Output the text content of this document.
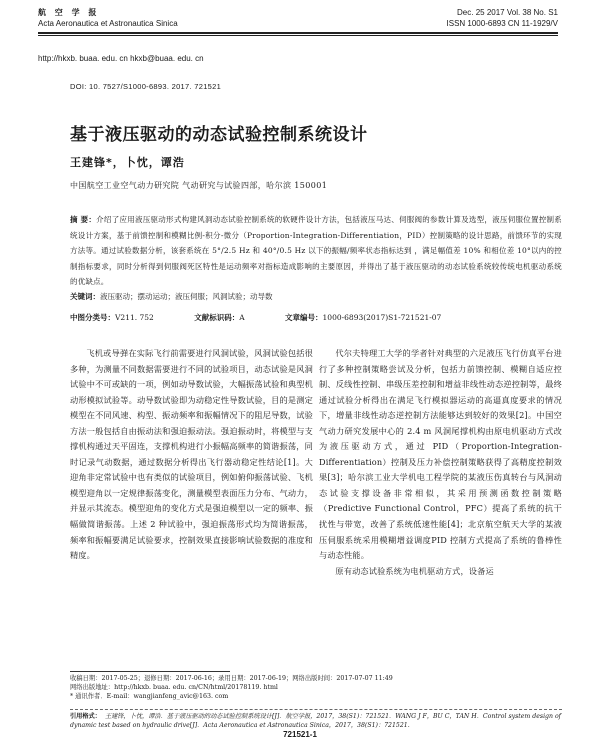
航 空 学 报
Acta Aeronautica et Astronautica Sinica
Dec. 25 2017 Vol. 38 No. S1
ISSN 1000-6893 CN 11-1929/V
http://hkxb. buaa. edu. cn hkxb@buaa. edu. cn
DOI: 10. 7527/S1000-6893. 2017. 721521
基于液压驱动的动态试验控制系统设计
王建锋*，卜忱，谭浩
中国航空工业空气动力研究院 气动研究与试验四部，哈尔滨 150001
摘 要：介绍了应用液压驱动形式构建风洞动态试验控制系统的软硬件设计方法，包括液压马达、伺服阀的参数计算及选型，液压伺服位置控制系统设计方案，基于前馈控制和模糊比例-积分-微分（Proportion-Integration-Differentiation，PID）控制策略的设计思路，前馈环节的实现方法等。通过试验数据分析，该套系统在 5°/2.5 Hz 和 40°/0.5 Hz 以下的振幅/频率状态指标达到 ，满足幅值差 10% 和相位差 10°以内的控制指标要求，同时分析得到伺服阀死区特性是运动频率对指标造成影响的主要原因，并得出了基于液压驱动的动态试验系统较传统电机驱动系统的优缺点。
关键词：液压驱动；摆动运动；液压伺服；风洞试验；动导数
中图分类号：V211. 752	文献标识码：A	文章编号：1000-6893(2017)S1-721521-07

飞机或导弹在实际飞行前需要进行风洞试验，风洞试验包括很多种，为测量不同数据需要进行不同的试验项目，动态试验是风洞试验中不可或缺的一项，例如动导数试验，大幅振荡试验和典型机动形模拟试验等。动导数试验即为动稳定性导数试验，目的是测定模型在不同风速、构型、振动频率和振幅情况下的阻尼导数，试验方法一般包括自由振动法和强迫振动法。强迫振动时，将模型与支撑机构通过天平固连，支撑机构进行小振幅高频率的简谐振荡，同时记录气动数据，通过数据分析得出飞行器动稳定性结论[1]。大迎角非定常试验中也有类似的试验项目，例如俯仰振荡试验、飞机模型迎角以一定规律振荡变化，测量模型表面压力分布、气动力，并显示其流态。模型迎角的变化方式是强迫模型以一定的频率、振幅做简谐振荡。上述 2 种试验中，强迫振荡形式均为简谐振荡，频率和振幅要满足试验要求，控制效果直接影响试验数据的准度和精度。

代尔夫特理工大学的学者针对典型的六足液压飞行仿真平台进行了多种控制策略尝试及分析，包括力前馈控制、模糊自适应控制、反线性控制、串级压差控制和增益非线性动态逆控制等，最终通过试验分析得出在满足飞行模拟器运动的高逼真度要求的情况下，增量非线性动态逆控制方法能够达到较好的效果[2]。中国空气动力研究发展中心的 2.4 m 风洞尾撑机构由原电机驱动方式改为液压驱动方式，通过 PID（Proportion-Integration-Differentiation）控制及压力补偿控制策略获得了高精度控制效果[3]；哈尔滨工业大学机电工程学院的某液压伤真转台与风洞动态试验支撑设备非常相似，其采用预测函数控制策略（Predictive Functional Control，PFC）提高了系统的抗干扰性与带宽，改善了系统低速性能[4]；北京航空航天大学的某液压伺服系统采用模糊增益调度PID 控制方式提高了系统的鲁棒性与动态性能。

原有动态试验系统为电机驱动方式，设备运

收稿日期：2017-05-25；退修日期：2017-06-16；录用日期：2017-06-19；网络出版时间：2017-07-07 11:49
网络出版地址：http://hkxb. buaa. edu. cn/CN/html/20178119. html
* 通讯作者．E-mail：wangjianfeng_avic@163. com
引用格式： 王建锋，卜忱，谭浩．基于液压驱动的动态试验控制系统设计[J]．航空学报，2017，38(S1)：721521．WANG J F，BU C，TAN H．Control system design of dynamic test based on hydraulic drive[J]．Acta Aeronautica et Astronautica Sinica，2017，38(S1)：721521.
721521-1
